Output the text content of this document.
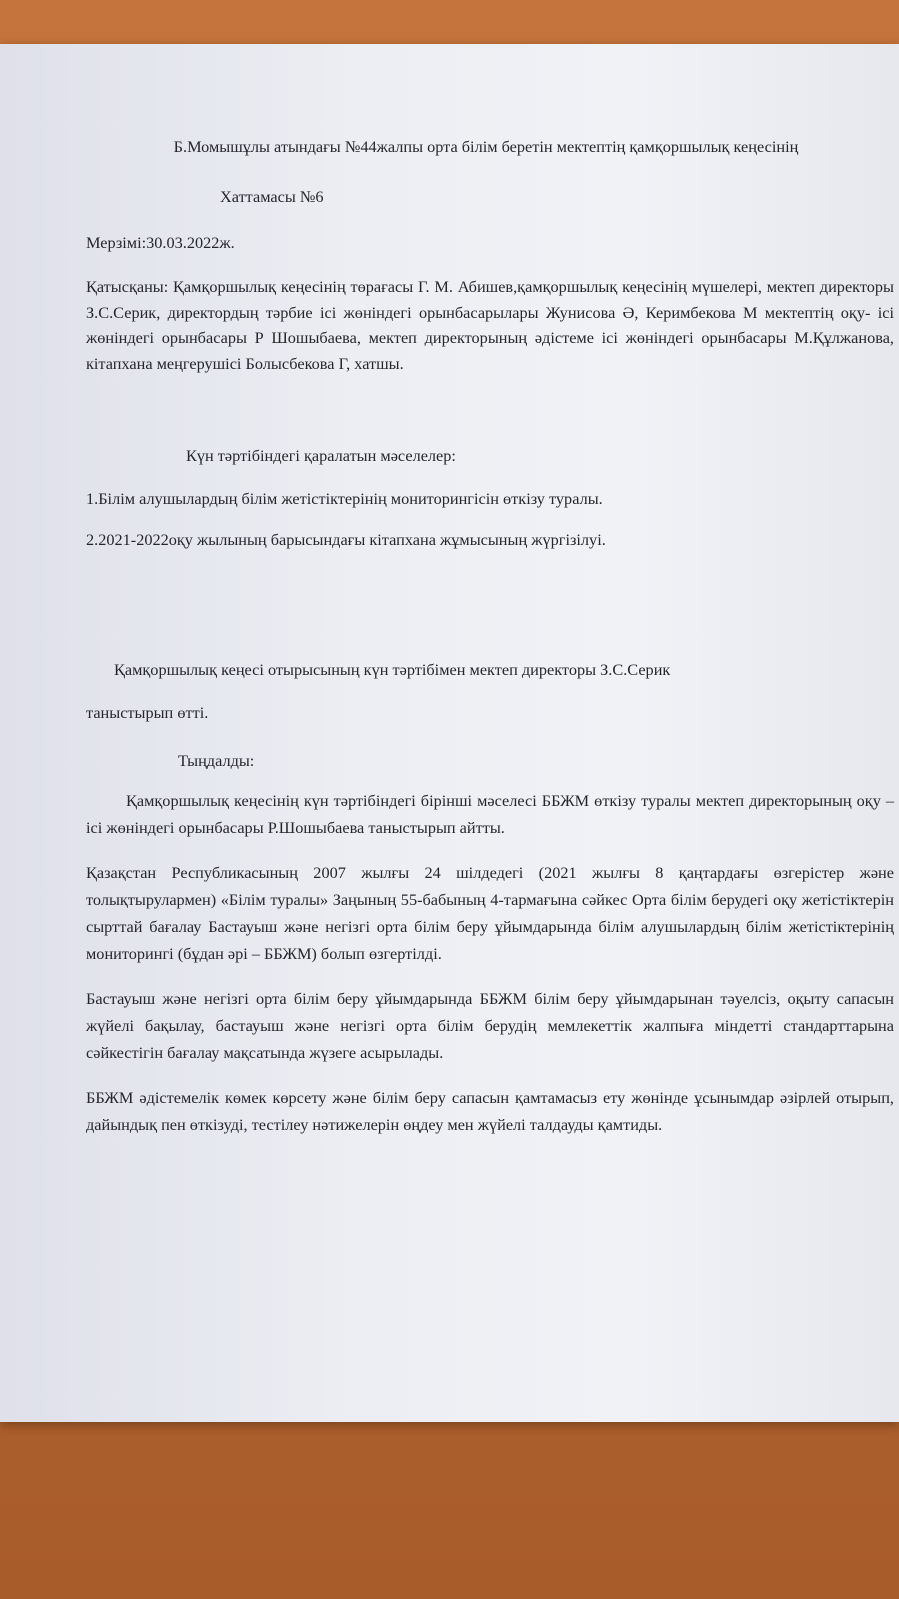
Б.Момышұлы атындағы №44жалпы орта білім беретін мектептің қамқоршылық кеңесінің
Хаттамасы №6
Мерзімі:30.03.2022ж.
Қатысқаны: Қамқоршылық кеңесінің төрағасы Г. М. Абишев,қамқоршылық кеңесінің мүшелері, мектеп директоры З.С.Серик, директордың тәрбие ісі жөніндегі орынбасарылары Жунисова Ә, Керимбекова М мектептің оқу- ісі жөніндегі орынбасары Р Шошыбаева, мектеп директорының әдістеме ісі жөніндегі орынбасары М.Құлжанова, кітапхана меңгерушісі Болысбекова Г, хатшы.
Күн тәртібіндегі қаралатын мәселелер:
1.Білім алушылардың білім жетістіктерінің мониторингісін өткізу туралы.
2.2021-2022оқу жылының барысындағы кітапхана жұмысының жүргізілуі.
Қамқоршылық кеңесі отырысының күн тәртібімен мектеп директоры З.С.Серик таныстырып өтті.
Тыңдалды:
Қамқоршылық кеңесінің күн тәртібіндегі бірінші мәселесі ББЖМ өткізу туралы мектеп директорының оқу –ісі жөніндегі орынбасары Р.Шошыбаева таныстырып айтты.
Қазақстан Республикасының 2007 жылғы 24 шілдедегі (2021 жылғы 8 қаңтардағы өзгерістер және толықтырулармен) «Білім туралы» Заңының 55-бабының 4-тармағына сәйкес Орта білім берудегі оқу жетістіктерін сырттай бағалау Бастауыш және негізгі орта білім беру ұйымдарында білім алушылардың білім жетістіктерінің мониторингі (бұдан әрі – ББЖМ) болып өзгертілді.
Бастауыш және негізгі орта білім беру ұйымдарында ББЖМ білім беру ұйымдарынан тәуелсіз, оқыту сапасын жүйелі бақылау, бастауыш және негізгі орта білім берудің мемлекеттік жалпыға міндетті стандарттарына сәйкестігін бағалау мақсатында жүзеге асырылады.
ББЖМ әдістемелік көмек көрсету және білім беру сапасын қамтамасыз ету жөнінде ұсынымдар әзірлей отырып, дайындық пен өткізуді, тестілеу нәтижелерін өңдеу мен жүйелі талдауды қамтиды.
